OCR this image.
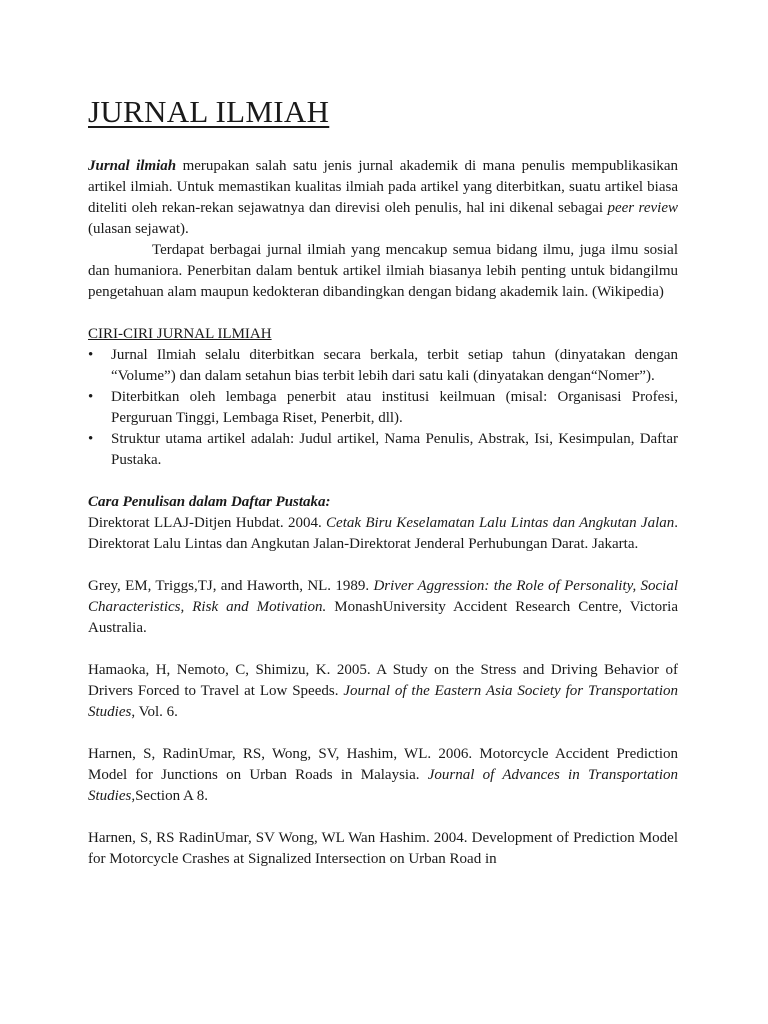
JURNAL ILMIAH

Jurnal ilmiah merupakan salah satu jenis jurnal akademik di mana penulis mempublikasikan artikel ilmiah. Untuk memastikan kualitas ilmiah pada artikel yang diterbitkan, suatu artikel biasa diteliti oleh rekan-rekan sejawatnya dan direvisi oleh penulis, hal ini dikenal sebagai peer review (ulasan sejawat).

Terdapat berbagai jurnal ilmiah yang mencakup semua bidang ilmu, juga ilmu sosial dan humaniora. Penerbitan dalam bentuk artikel ilmiah biasanya lebih penting untuk bidangilmu pengetahuan alam maupun kedokteran dibandingkan dengan bidang akademik lain. (Wikipedia)

CIRI-CIRI JURNAL ILMIAH
• Jurnal Ilmiah selalu diterbitkan secara berkala, terbit setiap tahun (dinyatakan dengan “Volume”) dan dalam setahun bias terbit lebih dari satu kali (dinyatakan dengan“Nomer”).
• Diterbitkan oleh lembaga penerbit atau institusi keilmuan (misal: Organisasi Profesi, Perguruan Tinggi, Lembaga Riset, Penerbit, dll).
• Struktur utama artikel adalah: Judul artikel, Nama Penulis, Abstrak, Isi, Kesimpulan, Daftar Pustaka.
Cara Penulisan dalam Daftar Pustaka:

Direktorat LLAJ-Ditjen Hubdat. 2004. Cetak Biru Keselamatan Lalu Lintas dan Angkutan Jalan. Direktorat Lalu Lintas dan Angkutan Jalan-Direktorat Jenderal Perhubungan Darat. Jakarta.

Grey, EM, Triggs,TJ, and Haworth, NL. 1989. Driver Aggression: the Role of Personality, Social Characteristics, Risk and Motivation. MonashUniversity Accident Research Centre, Victoria Australia.

Hamaoka, H, Nemoto, C, Shimizu, K. 2005. A Study on the Stress and Driving Behavior of Drivers Forced to Travel at Low Speeds. Journal of the Eastern Asia Society for Transportation Studies, Vol. 6.

Harnen, S, RadinUmar, RS, Wong, SV, Hashim, WL. 2006. Motorcycle Accident Prediction Model for Junctions on Urban Roads in Malaysia. Journal of Advances in Transportation Studies,Section A 8.

Harnen, S, RS RadinUmar, SV Wong, WL Wan Hashim. 2004. Development of Prediction Model for Motorcycle Crashes at Signalized Intersection on Urban Road in
